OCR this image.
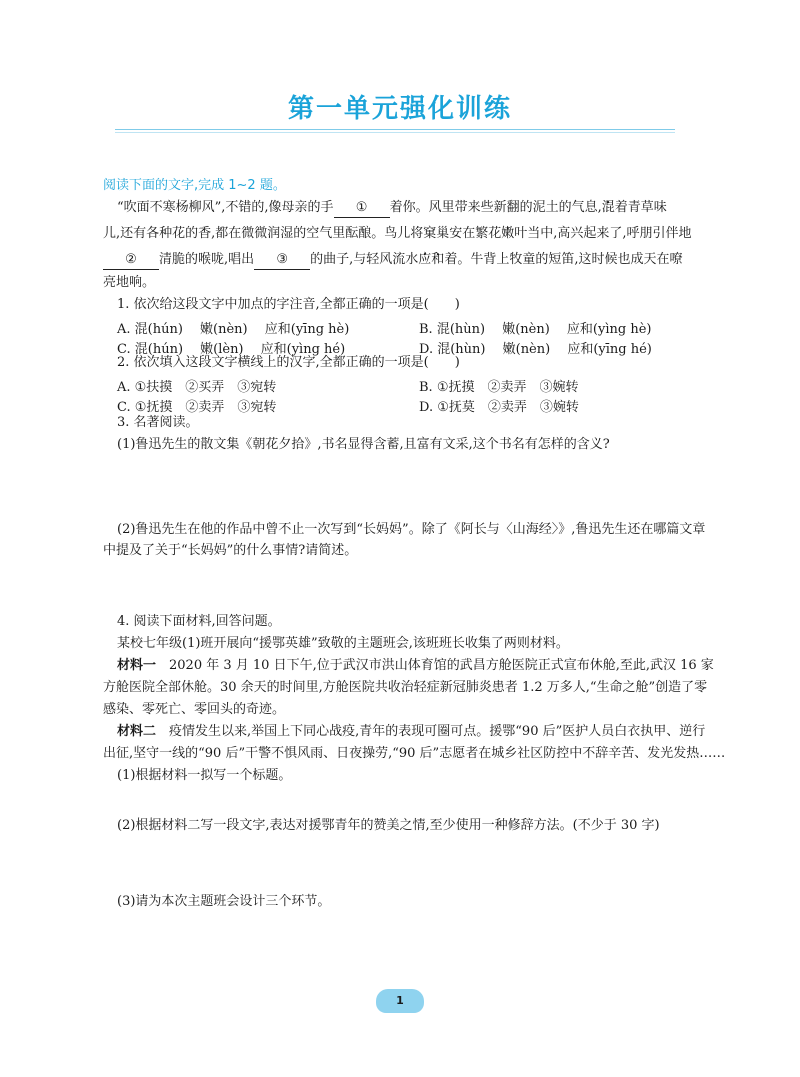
第一单元强化训练
阅读下面的文字,完成 1~2 题。
“吹面不寒杨柳风”,不错的,像母亲的手 ① 着你。风里带来些新翻的泥土的气息,混着青草味
儿,还有各种花的香,都在微微润湿的空气里酝酿。鸟儿将窠巢安在繁花嫩叶当中,高兴起来了,呼朋引伴地
② 清脆的喉咙,唱出 ③ 的曲子,与轻风流水应和着。牛背上牧童的短笛,这时候也成天在嘹
亮地响。
1. 依次给这段文字中加点的字注音,全都正确的一项是(　　)
A. 混(hún)　 嫩(nèn)　 应和(yīng hè)	B. 混(hùn)　 嫩(nèn)　 应和(yìng hè)
C. 混(hún)　 嫩(lèn)　 应和(yìng hé)	D. 混(hùn)　 嫩(nèn)　 应和(yīng hé)
2. 依次填入这段文字横线上的汉字,全都正确的一项是(　　)
A. ①扶摸　②买弄　③宛转	B. ①抚摸　②卖弄　③婉转
C. ①抚摸　②卖弄　③宛转	D. ①抚莫　②卖弄　③婉转
3. 名著阅读。
(1)鲁迅先生的散文集《朝花夕拾》,书名显得含蓄,且富有文采,这个书名有怎样的含义?
(2)鲁迅先生在他的作品中曾不止一次写到“长妈妈”。除了《阿长与〈山海经〉》,鲁迅先生还在哪篇文章
中提及了关于“长妈妈”的什么事情?请简述。
4. 阅读下面材料,回答问题。
某校七年级(1)班开展向“援鄂英雄”致敬的主题班会,该班班长收集了两则材料。
材料一　2020 年 3 月 10 日下午,位于武汉市洪山体育馆的武昌方舱医院正式宣布休舱,至此,武汉 16 家
方舱医院全部休舱。30 余天的时间里,方舱医院共收治轻症新冠肺炎患者 1.2 万多人,“生命之舱”创造了零
感染、零死亡、零回头的奇迹。
材料二　疫情发生以来,举国上下同心战疫,青年的表现可圈可点。援鄂“90 后”医护人员白衣执甲、逆行
出征,坚守一线的“90 后”干警不惧风雨、日夜操劳,“90 后”志愿者在城乡社区防控中不辞辛苦、发光发热……
(1)根据材料一拟写一个标题。
(2)根据材料二写一段文字,表达对援鄂青年的赞美之情,至少使用一种修辞方法。(不少于 30 字)
(3)请为本次主题班会设计三个环节。
1
